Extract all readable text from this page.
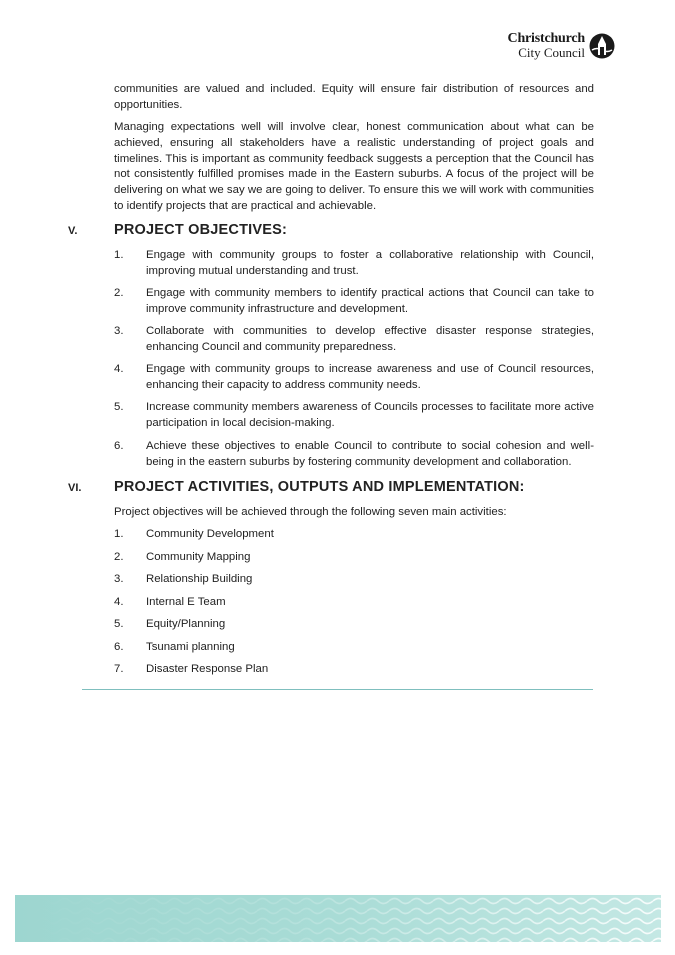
Christchurch
City Council

communities are valued and included. Equity will ensure fair distribution of resources and opportunities.

Managing expectations well will involve clear, honest communication about what can be achieved, ensuring all stakeholders have a realistic understanding of project goals and timelines. This is important as community feedback suggests a perception that the Council has not consistently fulfilled promises made in the Eastern suburbs. A focus of the project will be delivering on what we say we are going to deliver. To ensure this we will work with communities to identify projects that are practical and achievable.

V.	PROJECT OBJECTIVES:
1.	Engage with community groups to foster a collaborative relationship with Council, improving mutual understanding and trust.
2.	Engage with community members to identify practical actions that Council can take to improve community infrastructure and development.
3.	Collaborate with communities to develop effective disaster response strategies, enhancing Council and community preparedness.
4.	Engage with community groups to increase awareness and use of Council resources, enhancing their capacity to address community needs.
5.	Increase community members awareness of Councils processes to facilitate more active participation in local decision-making.
6.	Achieve these objectives to enable Council to contribute to social cohesion and well-being in the eastern suburbs by fostering community development and collaboration.
VI. PROJECT ACTIVITIES, OUTPUTS AND IMPLEMENTATION:

Project objectives will be achieved through the following seven main activities:

1.	Community Development
2.	Community Mapping
3.	Relationship Building
4.	Internal E Team
5.	Equity/Planning
6.	Tsunami planning
7.	Disaster Response Plan
